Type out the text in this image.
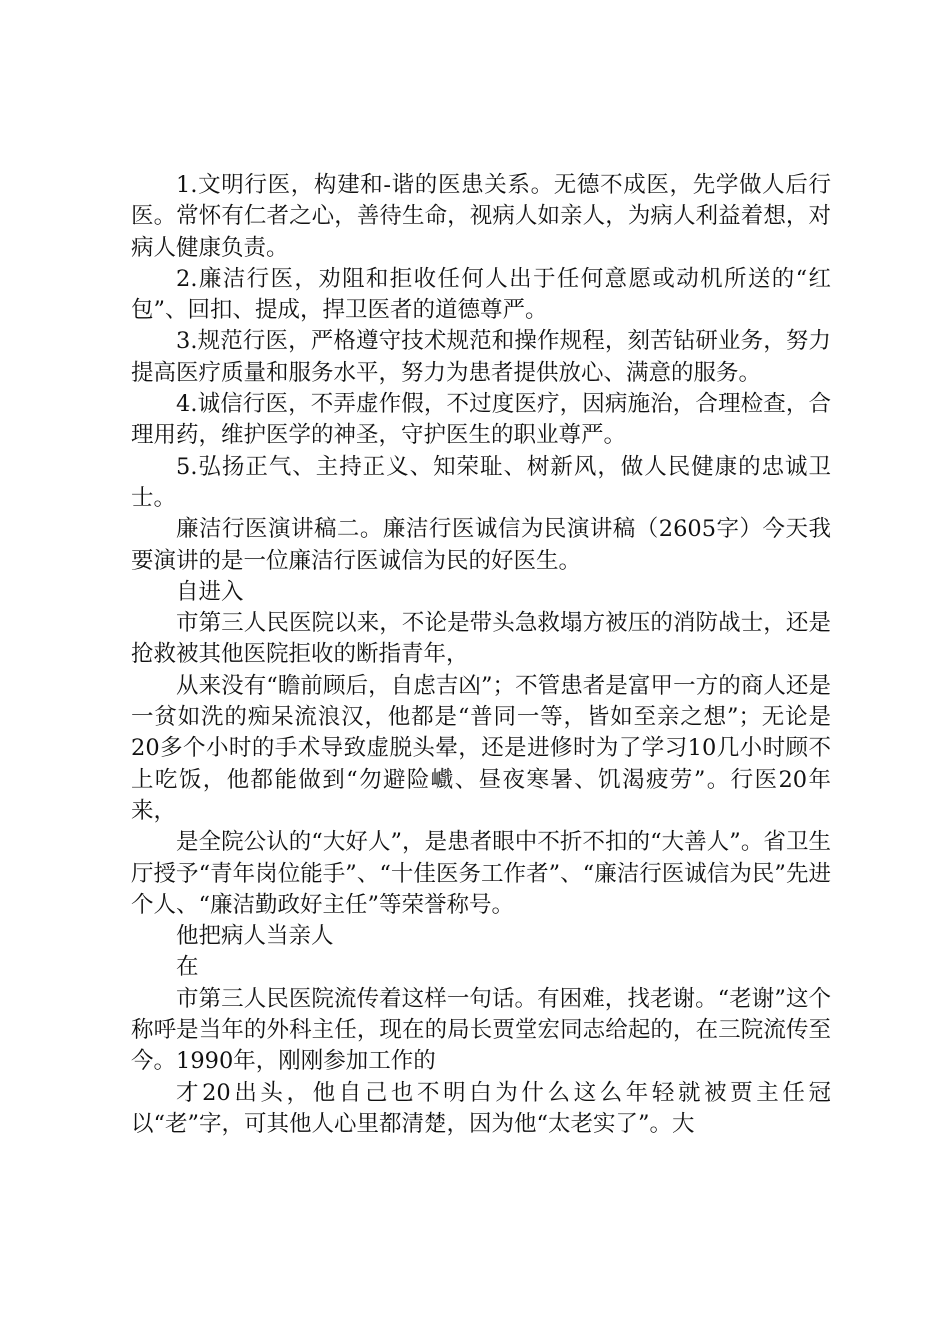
1.文明行医，构建和-谐的医患关系。无德不成医，先学做人后行医。常怀有仁者之心，善待生命，视病人如亲人，为病人利益着想，对病人健康负责。

2.廉洁行医，劝阻和拒收任何人出于任何意愿或动机所送的“红包”、回扣、提成，捍卫医者的道德尊严。

3.规范行医，严格遵守技术规范和操作规程，刻苦钻研业务，努力提高医疗质量和服务水平，努力为患者提供放心、满意的服务。

4.诚信行医，不弄虚作假，不过度医疗，因病施治，合理检查，合理用药，维护医学的神圣，守护医生的职业尊严。

5.弘扬正气、主持正义、知荣耻、树新风，做人民健康的忠诚卫士。

廉洁行医演讲稿二。廉洁行医诚信为民演讲稿（2605字）今天我要演讲的是一位廉洁行医诚信为民的好医生。

自进入

市第三人民医院以来，不论是带头急救塌方被压的消防战士，还是抢救被其他医院拒收的断指青年，

从来没有“瞻前顾后，自虑吉凶”；不管患者是富甲一方的商人还是一贫如洗的痴呆流浪汉，他都是“普同一等，皆如至亲之想”；无论是20多个小时的手术导致虚脱头晕，还是进修时为了学习10几小时顾不上吃饭，他都能做到“勿避险巇、昼夜寒暑、饥渴疲劳”。行医20年来，

是全院公认的“大好人”，是患者眼中不折不扣的“大善人”。省卫生厅授予“青年岗位能手”、“十佳医务工作者”、“廉洁行医诚信为民”先进个人、“廉洁勤政好主任”等荣誉称号。

他把病人当亲人

在

市第三人民医院流传着这样一句话。有困难，找老谢。“老谢”这个称呼是当年的外科主任，现在的局长贾堂宏同志给起的，在三院流传至今。1990年，刚刚参加工作的

才20出头，他自己也不明白为什么这么年轻就被贾主任冠以“老”字，可其他人心里都清楚，因为他“太老实了”。大
